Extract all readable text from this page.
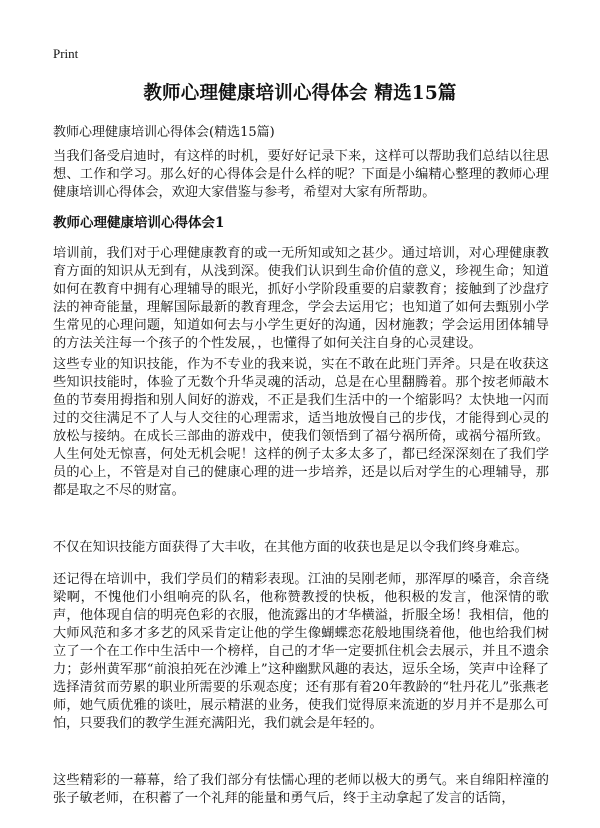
Print
教师心理健康培训心得体会 精选15篇
教师心理健康培训心得体会(精选15篇)

当我们备受启迪时，有这样的时机，要好好记录下来，这样可以帮助我们总结以往思想、工作和学习。那么好的心得体会是什么样的呢？下面是小编精心整理的教师心理健康培训心得体会，欢迎大家借鉴与参考，希望对大家有所帮助。

教师心理健康培训心得体会1

培训前，我们对于心理健康教育的或一无所知或知之甚少。通过培训，对心理健康教育方面的知识从无到有，从浅到深。使我们认识到生命价值的意义，珍视生命；知道如何在教育中拥有心理辅导的眼光，抓好小学阶段重要的启蒙教育；接触到了沙盘疗法的神奇能量，理解国际最新的教育理念，学会去运用它；也知道了如何去甄别小学生常见的心理问题，知道如何去与小学生更好的沟通，因材施教；学会运用团体辅导的方法关注每一个孩子的个性发展，，也懂得了如何关注自身的心灵建设。

这些专业的知识技能，作为不专业的我来说，实在不敢在此班门弄斧。只是在收获这些知识技能时，体验了无数个升华灵魂的活动，总是在心里翻腾着。那个按老师敲木鱼的节奏用拇指和别人间好的游戏，不正是我们生活中的一个缩影吗？太快地一闪而过的交往满足不了人与人交往的心理需求，适当地放慢自己的步伐，才能得到心灵的放松与接纳。在成长三部曲的游戏中，使我们领悟到了福兮祸所倚，或祸兮福所致。人生何处无惊喜，何处无机会呢！这样的例子太多太多了，都已经深深刻在了我们学员的心上，不管是对自己的健康心理的进一步培养，还是以后对学生的心理辅导，那都是取之不尽的财富。

不仅在知识技能方面获得了大丰收，在其他方面的收获也是足以令我们终身难忘。

还记得在培训中，我们学员们的精彩表现。江油的吴刚老师，那浑厚的嗓音，余音绕梁啊，不愧他们小组响亮的队名，他称赞教授的快板，他积极的发言，他深情的歌声，他体现自信的明亮色彩的衣服，他流露出的才华横溢，折服全场！我相信，他的大师风范和多才多艺的风采肯定让他的学生像蝴蝶恋花般地围绕着他，他也给我们树立了一个在工作中生活中一个榜样，自己的才华一定要抓住机会去展示，并且不遗余力；彭州黄军那“前浪拍死在沙滩上”这种幽默风趣的表达，逗乐全场，笑声中诠释了选择清贫而劳累的职业所需要的乐观态度；还有那有着20年教龄的“牡丹花儿”张燕老师，她气质优雅的谈吐，展示精湛的业务，使我们觉得原来流逝的岁月并不是那么可怕，只要我们的教学生涯充满阳光，我们就会是年轻的。

这些精彩的一幕幕，给了我们部分有怯懦心理的老师以极大的勇气。来自绵阳梓潼的张子敏老师，在积蓄了一个礼拜的能量和勇气后，终于主动拿起了发言的话筒，
